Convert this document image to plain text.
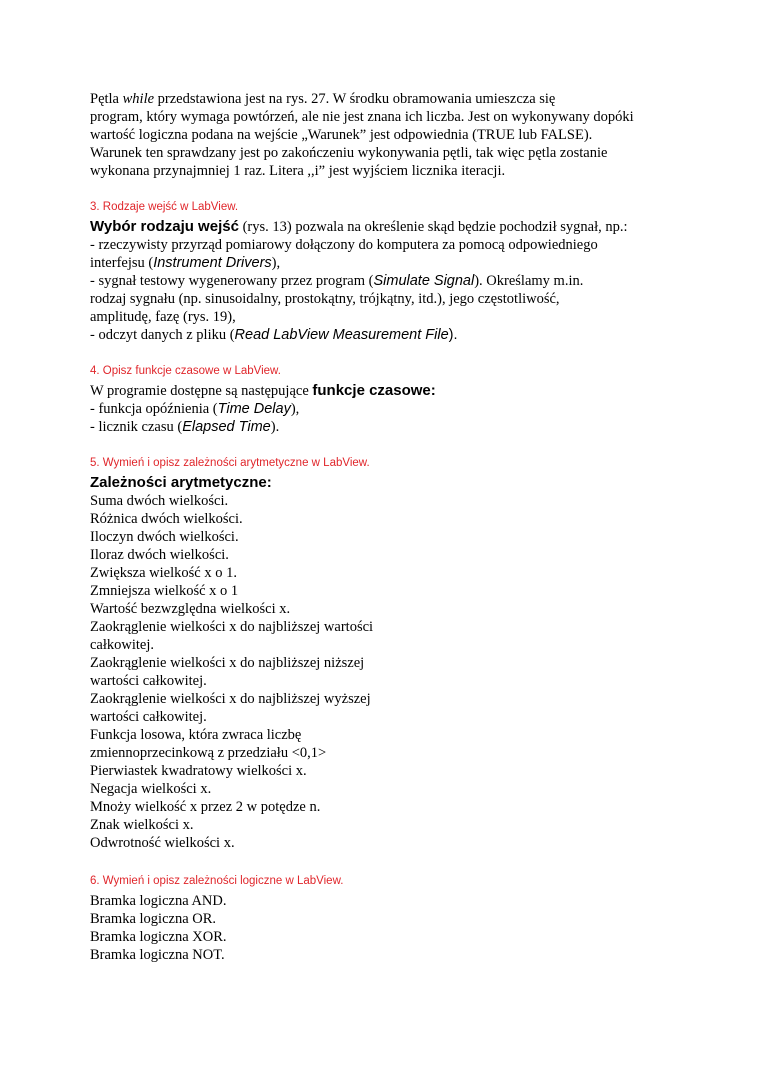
Pętla while przedstawiona jest na rys. 27. W środku obramowania umieszcza się
program, który wymaga powtórzeń, ale nie jest znana ich liczba. Jest on wykonywany dopóki
wartość logiczna podana na wejście „Warunek” jest odpowiednia (TRUE lub FALSE).
Warunek ten sprawdzany jest po zakończeniu wykonywania pętli, tak więc pętla zostanie
wykonana przynajmniej 1 raz. Litera ,,i” jest wyjściem licznika iteracji.
3. Rodzaje wejść w LabView.
Wybór rodzaju wejść (rys. 13) pozwala na określenie skąd będzie pochodził sygnał, np.:
- rzeczywisty przyrząd pomiarowy dołączony do komputera za pomocą odpowiedniego
interfejsu (Instrument Drivers),
- sygnał testowy wygenerowany przez program (Simulate Signal). Określamy m.in.
rodzaj sygnału (np. sinusoidalny, prostokątny, trójkątny, itd.), jego częstotliwość,
amplitudę, fazę (rys. 19),
- odczyt danych z pliku (Read LabView Measurement File).
4. Opisz funkcje czasowe w LabView.
W programie dostępne są następujące funkcje czasowe:
- funkcja opóźnienia (Time Delay),
- licznik czasu (Elapsed Time).
5. Wymień i opisz zależności arytmetyczne w LabView.
Zależności arytmetyczne:
Suma dwóch wielkości.
Różnica dwóch wielkości.
Iloczyn dwóch wielkości.
Iloraz dwóch wielkości.
Zwiększa wielkość x o 1.
Zmniejsza wielkość x o 1
Wartość bezwzględna wielkości x.
Zaokrąglenie wielkości x do najbliższej wartości
całkowitej.
Zaokrąglenie wielkości x do najbliższej niższej
wartości całkowitej.
Zaokrąglenie wielkości x do najbliższej wyższej
wartości całkowitej.
Funkcja losowa, która zwraca liczbę
zmiennoprzecinkową z przedziału <0,1>
Pierwiastek kwadratowy wielkości x.
Negacja wielkości x.
Mnoży wielkość x przez 2 w potędze n.
Znak wielkości x.
Odwrotność wielkości x.
6. Wymień i opisz zależności logiczne w LabView.
Bramka logiczna AND.
Bramka logiczna OR.
Bramka logiczna XOR.
Bramka logiczna NOT.
